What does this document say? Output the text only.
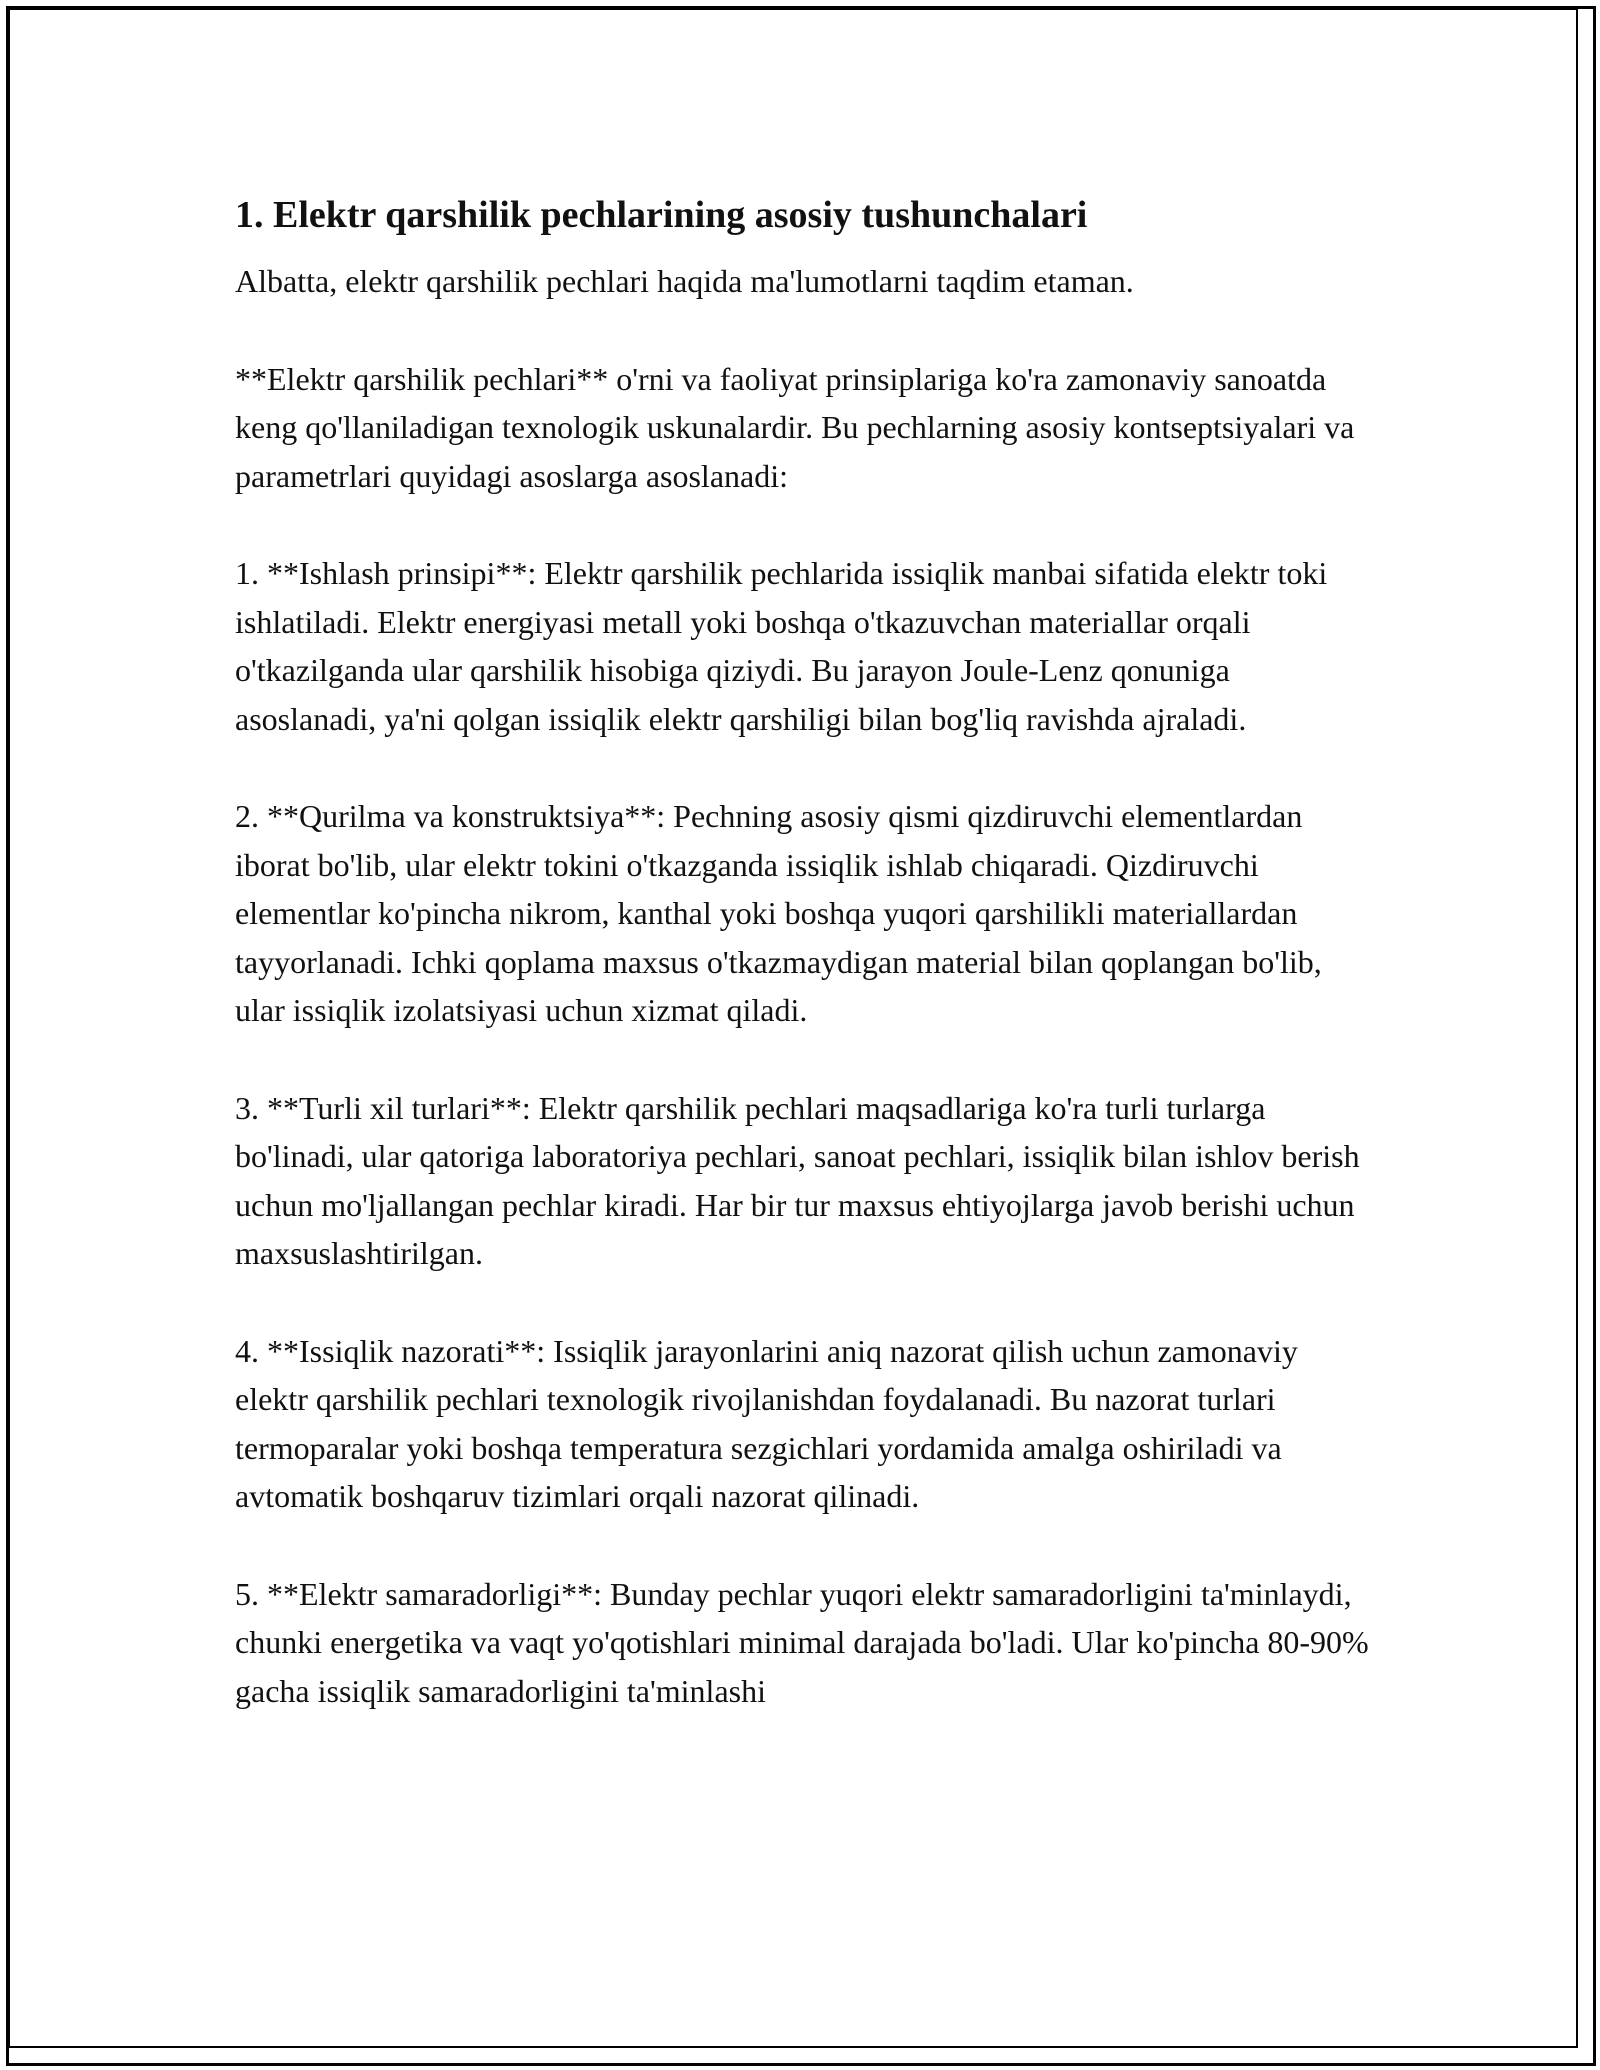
1. Elektr qarshilik pechlarining asosiy tushunchalari

Albatta, elektr qarshilik pechlari haqida ma'lumotlarni taqdim etaman.

**Elektr qarshilik pechlari** o'rni va faoliyat prinsiplariga ko'ra zamonaviy sanoatda keng qo'llaniladigan texnologik uskunalardir. Bu pechlarning asosiy kontseptsiyalari va parametrlari quyidagi asoslarga asoslanadi:

1. **Ishlash prinsipi**: Elektr qarshilik pechlarida issiqlik manbai sifatida elektr toki ishlatiladi. Elektr energiyasi metall yoki boshqa o'tkazuvchan materiallar orqali o'tkazilganda ular qarshilik hisobiga qiziydi. Bu jarayon Joule-Lenz qonuniga asoslanadi, ya'ni qolgan issiqlik elektr qarshiligi bilan bog'liq ravishda ajraladi.

2. **Qurilma va konstruktsiya**: Pechning asosiy qismi qizdiruvchi elementlardan iborat bo'lib, ular elektr tokini o'tkazganda issiqlik ishlab chiqaradi. Qizdiruvchi elementlar ko'pincha nikrom, kanthal yoki boshqa yuqori qarshilikli materiallardan tayyorlanadi. Ichki qoplama maxsus o'tkazmaydigan material bilan qoplangan bo'lib, ular issiqlik izolatsiyasi uchun xizmat qiladi.

3. **Turli xil turlari**: Elektr qarshilik pechlari maqsadlariga ko'ra turli turlarga bo'linadi, ular qatoriga laboratoriya pechlari, sanoat pechlari, issiqlik bilan ishlov berish uchun mo'ljallangan pechlar kiradi. Har bir tur maxsus ehtiyojlarga javob berishi uchun maxsuslashtirilgan.

4. **Issiqlik nazorati**: Issiqlik jarayonlarini aniq nazorat qilish uchun zamonaviy elektr qarshilik pechlari texnologik rivojlanishdan foydalanadi. Bu nazorat turlari termoparalar yoki boshqa temperatura sezgichlari yordamida amalga oshiriladi va avtomatik boshqaruv tizimlari orqali nazorat qilinadi.

5. **Elektr samaradorligi**: Bunday pechlar yuqori elektr samaradorligini ta'minlaydi, chunki energetika va vaqt yo'qotishlari minimal darajada bo'ladi. Ular ko'pincha 80-90% gacha issiqlik samaradorligini ta'minlashi
